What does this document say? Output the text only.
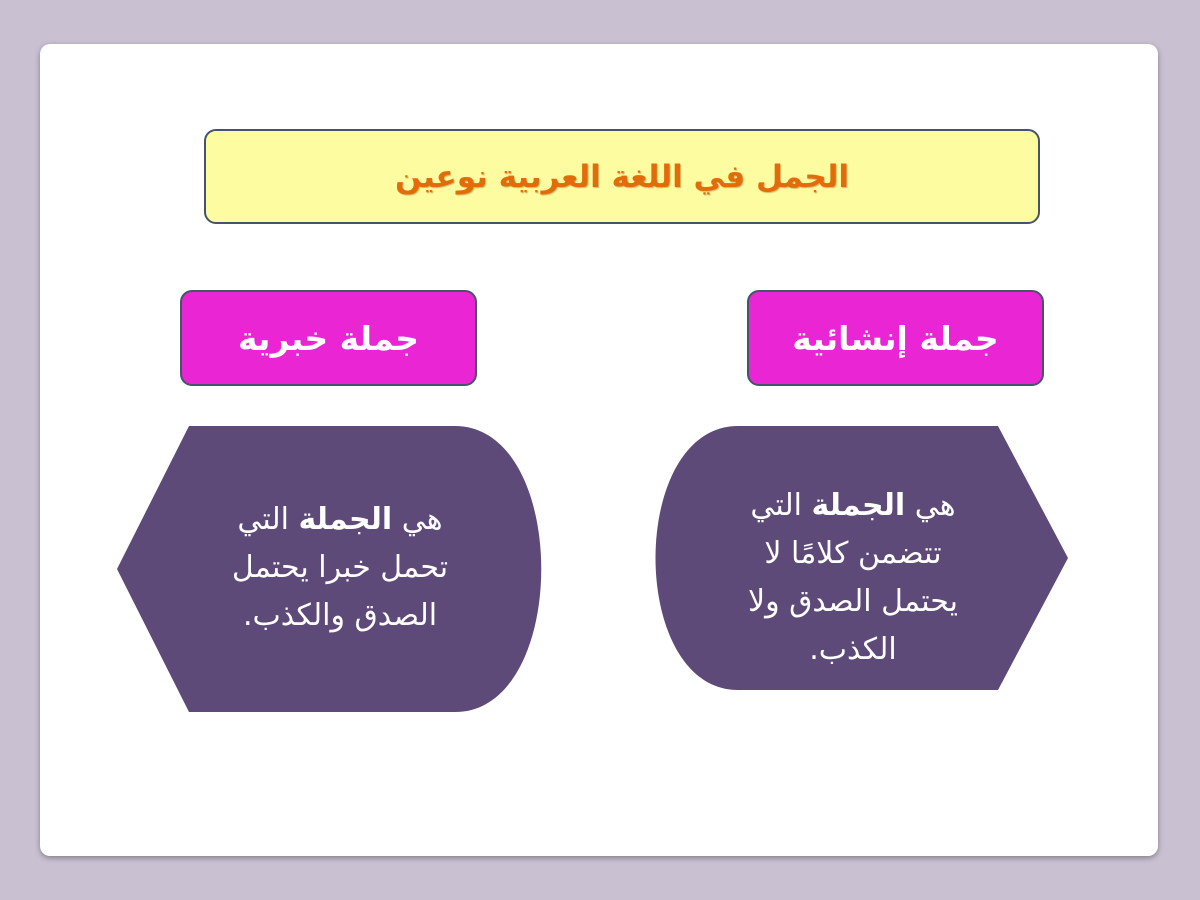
الجمل في اللغة العربية نوعين
جملة خبرية	جملة إنشائية
هي الجملة التي
تحمل خبرا يحتمل
الصدق والكذب.
هي الجملة التي
تتضمن كلامًا لا
يحتمل الصدق ولا
الكذب.
